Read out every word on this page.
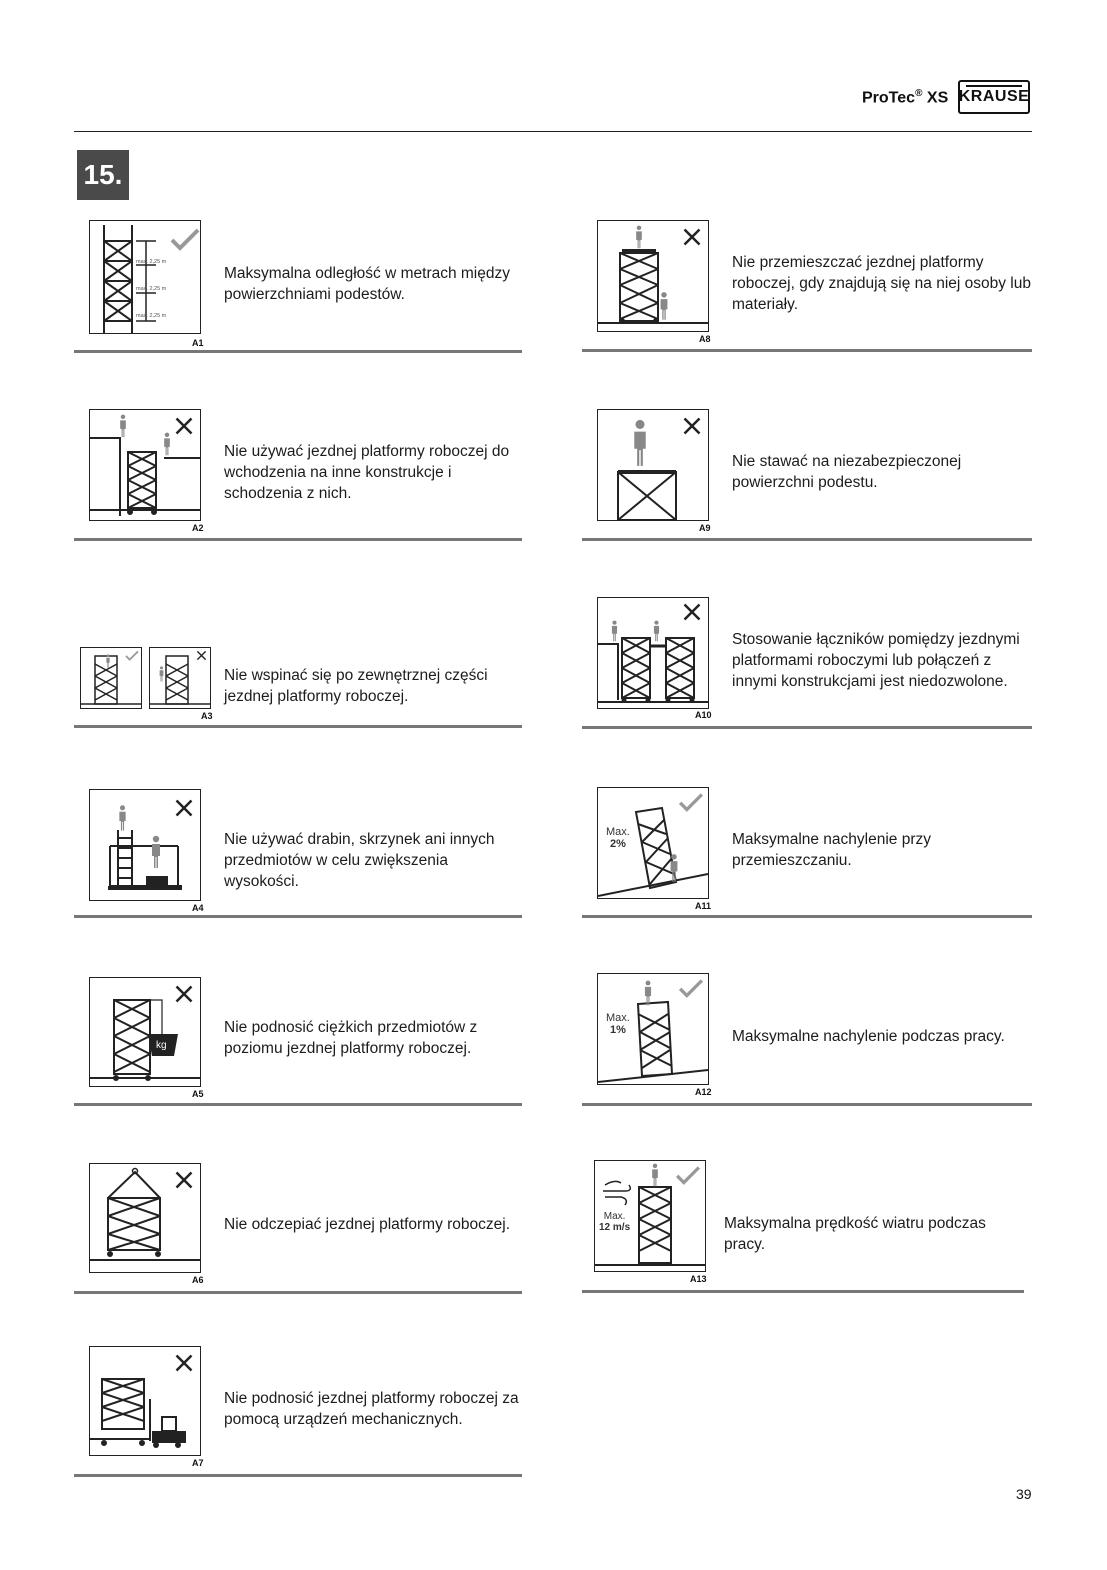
ProTec® XS KRAUSE
15.
max. 2,25 m
max. 2,25 m
max. 2,25 m
A1
Maksymalna odległość w metrach między powierzchniami podestów.
A2
Nie używać jezdnej platformy roboczej do wchodzenia na inne konstrukcje i schodzenia z nich.
A3
Nie wspinać się po zewnętrznej części jezdnej platformy roboczej.
A4
Nie używać drabin, skrzynek ani innych przedmiotów w celu zwiększenia wysokości.
kg
A5
Nie podnosić ciężkich przedmiotów z poziomu jezdnej platformy roboczej.
A6
Nie odczepiać jezdnej platformy roboczej.
A7
Nie podnosić jezdnej platformy roboczej za pomocą urządzeń mechanicznych.
A8
Nie przemieszczać jezdnej platformy roboczej, gdy znajdują się na niej osoby lub materiały.
A9
Nie stawać na niezabezpieczonej powierzchni podestu.
A10
Stosowanie łączników pomiędzy jezdnymi platformami roboczymi lub połączeń z innymi konstrukcjami jest niedozwolone.
Max.
2%
A11
Maksymalne nachylenie przy przemieszczaniu.
Max.
1%
A12
Maksymalne nachylenie podczas pracy.
Max.
12 m/s
A13
Maksymalna prędkość wiatru podczas pracy.
39
